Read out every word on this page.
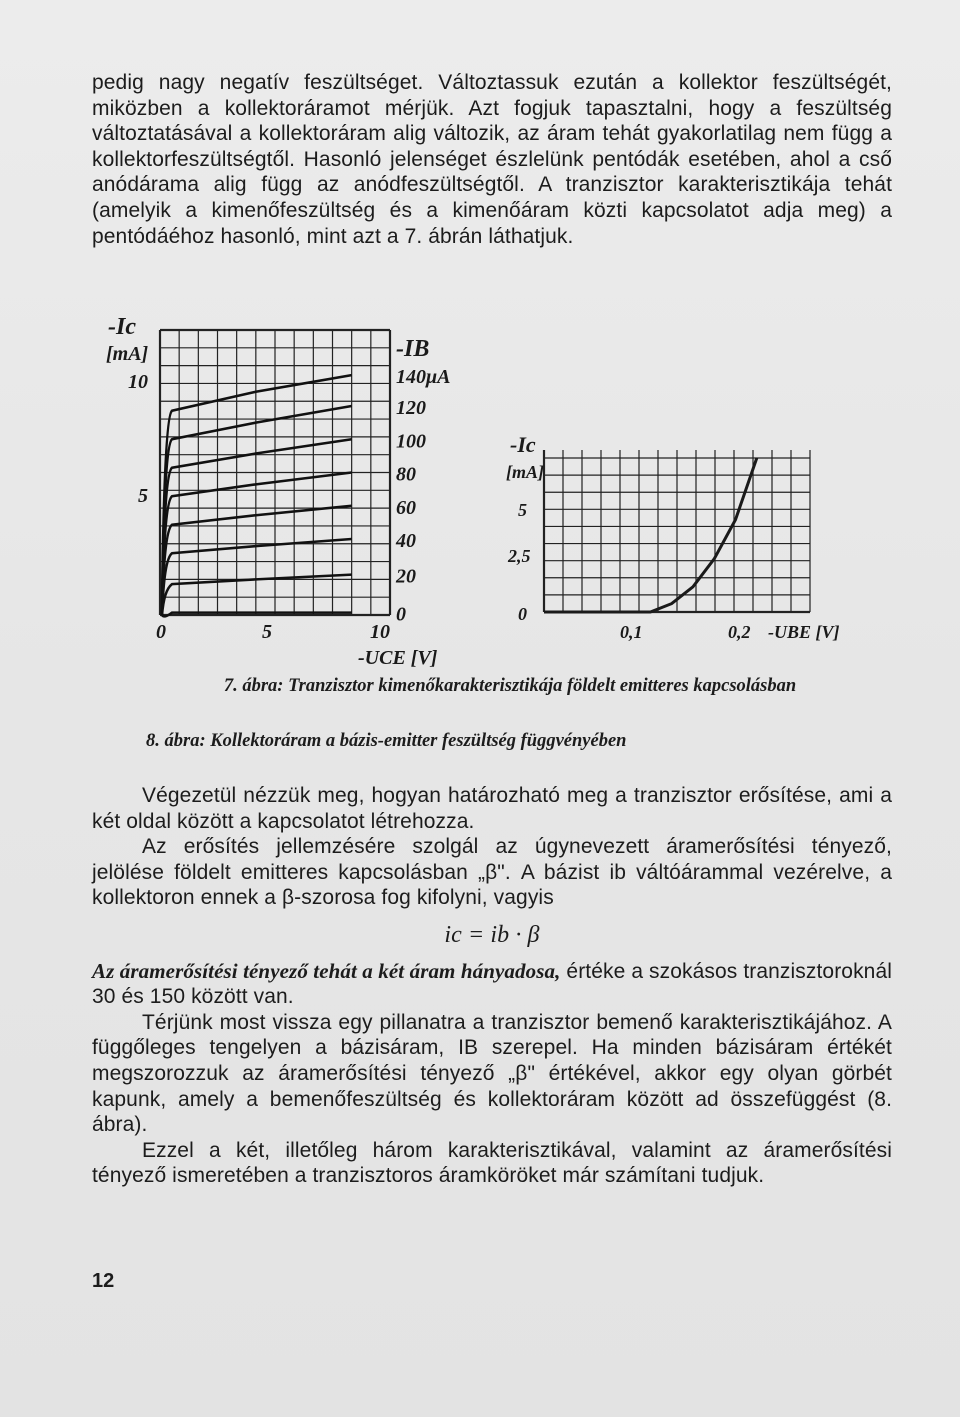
pedig nagy negatív feszültséget. Változtassuk ezután a kollektor feszültségét, miközben a kollektoráramot mérjük. Azt fogjuk tapasztalni, hogy a feszültség változtatásával a kollektoráram alig változik, az áram tehát gyakorlatilag nem függ a kollektorfeszültségtől. Hasonló jelenséget észlelünk pentódák esetében, ahol a cső anódárama alig függ az anódfeszültségtől. A tranzisztor karakterisztikája tehát (amelyik a kimenőfeszültség és a kimenőáram közti kapcsolatot adja meg) a pentódáéhoz hasonló, mint azt a 7. ábrán láthatjuk.

-Ic
[mA]
10
5
0	5	10
-UCE [V]
-IB
140μA
120
100
80
60
40
20
0
-Ic
[mA]
5
2,5
0
0,1	0,2 -UBE [V]
7. ábra: Tranzisztor kimenőkarakterisztikája földelt emitteres kapcsolásban
8. ábra: Kollektoráram a bázis-emitter feszültség függvényében

Végezetül nézzük meg, hogyan határozható meg a tranzisztor erősítése, ami a két oldal között a kapcsolatot létrehozza.

Az erősítés jellemzésére szolgál az úgynevezett áramerősítési tényező, jelölése földelt emitteres kapcsolásban „β". A bázist ib váltóárammal vezérelve, a kollektoron ennek a β-szorosa fog kifolyni, vagyis

ic = ib · β

Az áramerősítési tényező tehát a két áram hányadosa, értéke a szokásos tranzisztoroknál 30 és 150 között van.

Térjünk most vissza egy pillanatra a tranzisztor bemenő karakterisztikájához. A függőleges tengelyen a bázisáram, IB szerepel. Ha minden bázisáram értékét megszorozzuk az áramerősítési tényező „β" értékével, akkor egy olyan görbét kapunk, amely a bemenőfeszültség és kollektoráram között ad összefüggést (8. ábra).

Ezzel a két, illetőleg három karakterisztikával, valamint az áramerősítési tényező ismeretében a tranzisztoros áramköröket már számítani tudjuk.

12
